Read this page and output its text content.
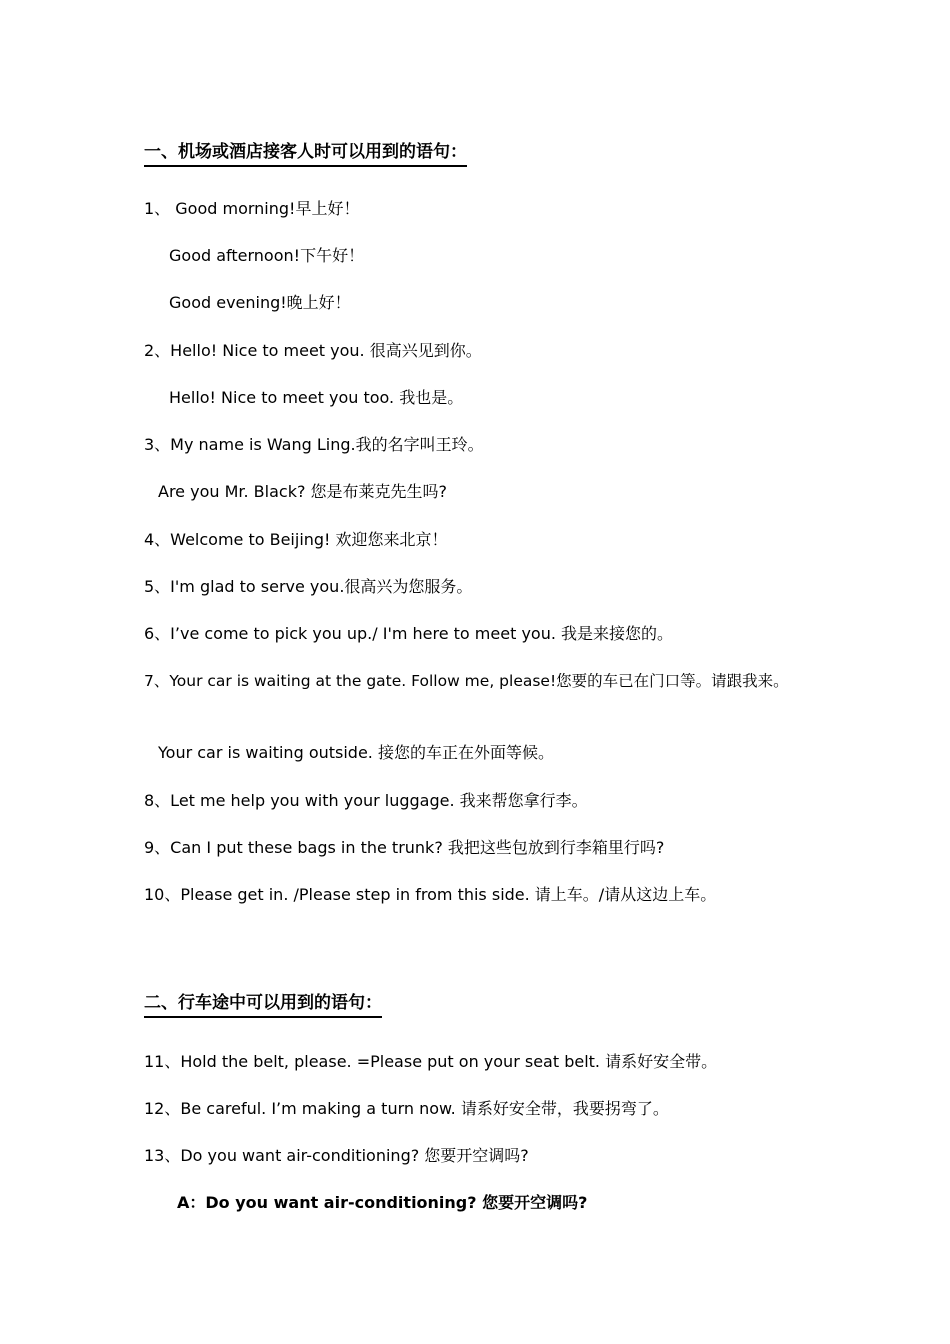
一、机场或酒店接客人时可以用到的语句：
1、 Good morning!早上好！
Good afternoon!下午好！
Good evening!晚上好！
2、Hello! Nice to meet you. 很高兴见到你。
Hello! Nice to meet you too. 我也是。
3、My name is Wang Ling.我的名字叫王玲。
Are you Mr. Black? 您是布莱克先生吗?
4、Welcome to Beijing! 欢迎您来北京！
5、I'm glad to serve you.很高兴为您服务。
6、I’ve come to pick you up./ I'm here to meet you. 我是来接您的。
7、Your car is waiting at the gate. Follow me, please!您要的车已在门口等。请跟我来。
Your car is waiting outside. 接您的车正在外面等候。
8、Let me help you with your luggage. 我来帮您拿行李。
9、Can I put these bags in the trunk? 我把这些包放到行李箱里行吗?
10、Please get in. /Please step in from this side. 请上车。/请从这边上车。
二、行车途中可以用到的语句：
11、Hold the belt, please. =Please put on your seat belt. 请系好安全带。
12、Be careful. I’m making a turn now. 请系好安全带，我要拐弯了。
13、Do you want air-conditioning? 您要开空调吗?
A：Do you want air-conditioning? 您要开空调吗?
